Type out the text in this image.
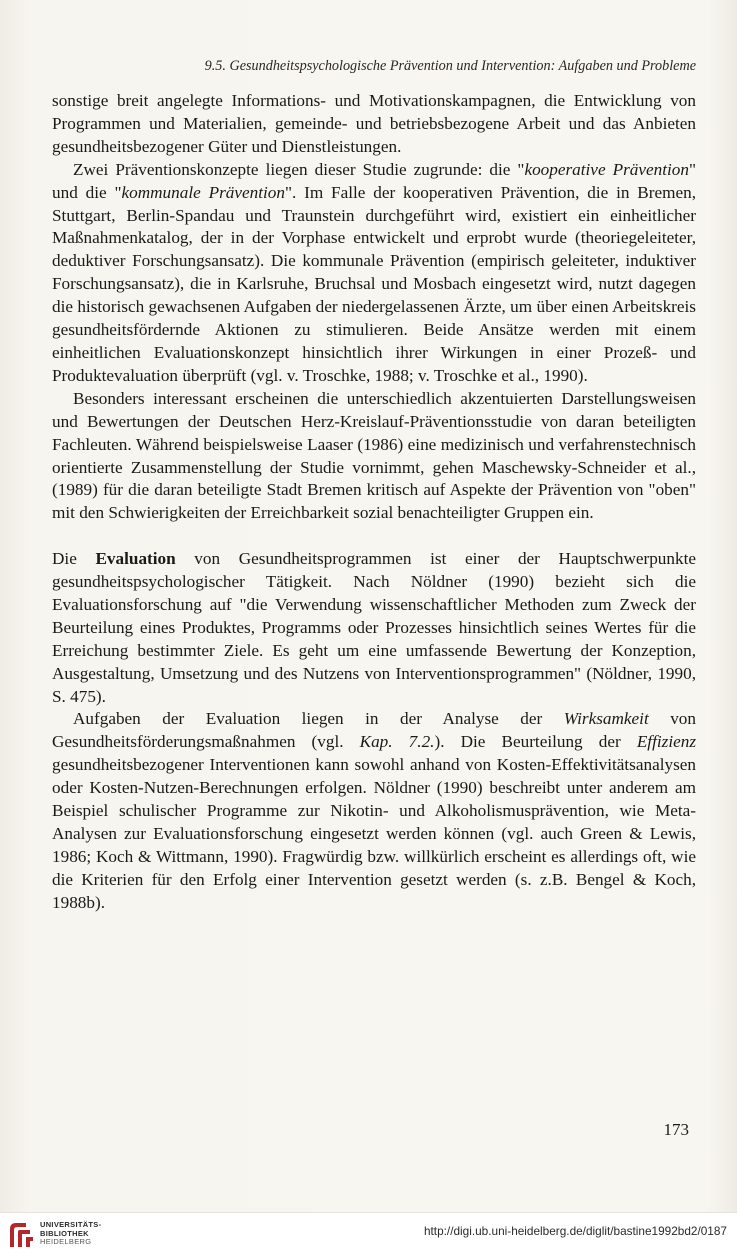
9.5. Gesundheitspsychologische Prävention und Intervention: Aufgaben und Probleme

sonstige breit angelegte Informations- und Motivationskampagnen, die Entwicklung von Programmen und Materialien, gemeinde- und betriebsbezogene Arbeit und das Anbieten gesundheitsbezogener Güter und Dienstleistungen.

Zwei Präventionskonzepte liegen dieser Studie zugrunde: die "kooperative Prävention" und die "kommunale Prävention". Im Falle der kooperativen Prävention, die in Bremen, Stuttgart, Berlin-Spandau und Traunstein durchgeführt wird, existiert ein einheitlicher Maßnahmenkatalog, der in der Vorphase entwickelt und erprobt wurde (theoriegeleiteter, deduktiver Forschungsansatz). Die kommunale Prävention (empirisch geleiteter, induktiver Forschungsansatz), die in Karlsruhe, Bruchsal und Mosbach eingesetzt wird, nutzt dagegen die historisch gewachsenen Aufgaben der niedergelassenen Ärzte, um über einen Arbeitskreis gesundheitsfördernde Aktionen zu stimulieren. Beide Ansätze werden mit einem einheitlichen Evaluationskonzept hinsichtlich ihrer Wirkungen in einer Prozeß- und Produktevaluation überprüft (vgl. v. Troschke, 1988; v. Troschke et al., 1990).

Besonders interessant erscheinen die unterschiedlich akzentuierten Darstellungsweisen und Bewertungen der Deutschen Herz-Kreislauf-Präventionsstudie von daran beteiligten Fachleuten. Während beispielsweise Laaser (1986) eine medizinisch und verfahrenstechnisch orientierte Zusammenstellung der Studie vornimmt, gehen Maschewsky-Schneider et al., (1989) für die daran beteiligte Stadt Bremen kritisch auf Aspekte der Prävention von "oben" mit den Schwierigkeiten der Erreichbarkeit sozial benachteiligter Gruppen ein.

Die Evaluation von Gesundheitsprogrammen ist einer der Hauptschwerpunkte gesundheitspsychologischer Tätigkeit. Nach Nöldner (1990) bezieht sich die Evaluationsforschung auf "die Verwendung wissenschaftlicher Methoden zum Zweck der Beurteilung eines Produktes, Programms oder Prozesses hinsichtlich seines Wertes für die Erreichung bestimmter Ziele. Es geht um eine umfassende Bewertung der Konzeption, Ausgestaltung, Umsetzung und des Nutzens von Interventionsprogrammen" (Nöldner, 1990, S. 475).

Aufgaben der Evaluation liegen in der Analyse der Wirksamkeit von Gesundheitsförderungsmaßnahmen (vgl. Kap. 7.2.). Die Beurteilung der Effizienz gesundheitsbezogener Interventionen kann sowohl anhand von Kosten-Effektivitätsanalysen oder Kosten-Nutzen-Berechnungen erfolgen. Nöldner (1990) beschreibt unter anderem am Beispiel schulischer Programme zur Nikotin- und Alkoholismusprävention, wie Meta-Analysen zur Evaluationsforschung eingesetzt werden können (vgl. auch Green & Lewis, 1986; Koch & Wittmann, 1990). Fragwürdig bzw. willkürlich erscheint es allerdings oft, wie die Kriterien für den Erfolg einer Intervention gesetzt werden (s. z.B. Bengel & Koch, 1988b).

173
UNIVERSITÄTS-
BIBLIOTHEK
HEIDELBERG
http://digi.ub.uni-heidelberg.de/diglit/bastine1992bd2/0187
